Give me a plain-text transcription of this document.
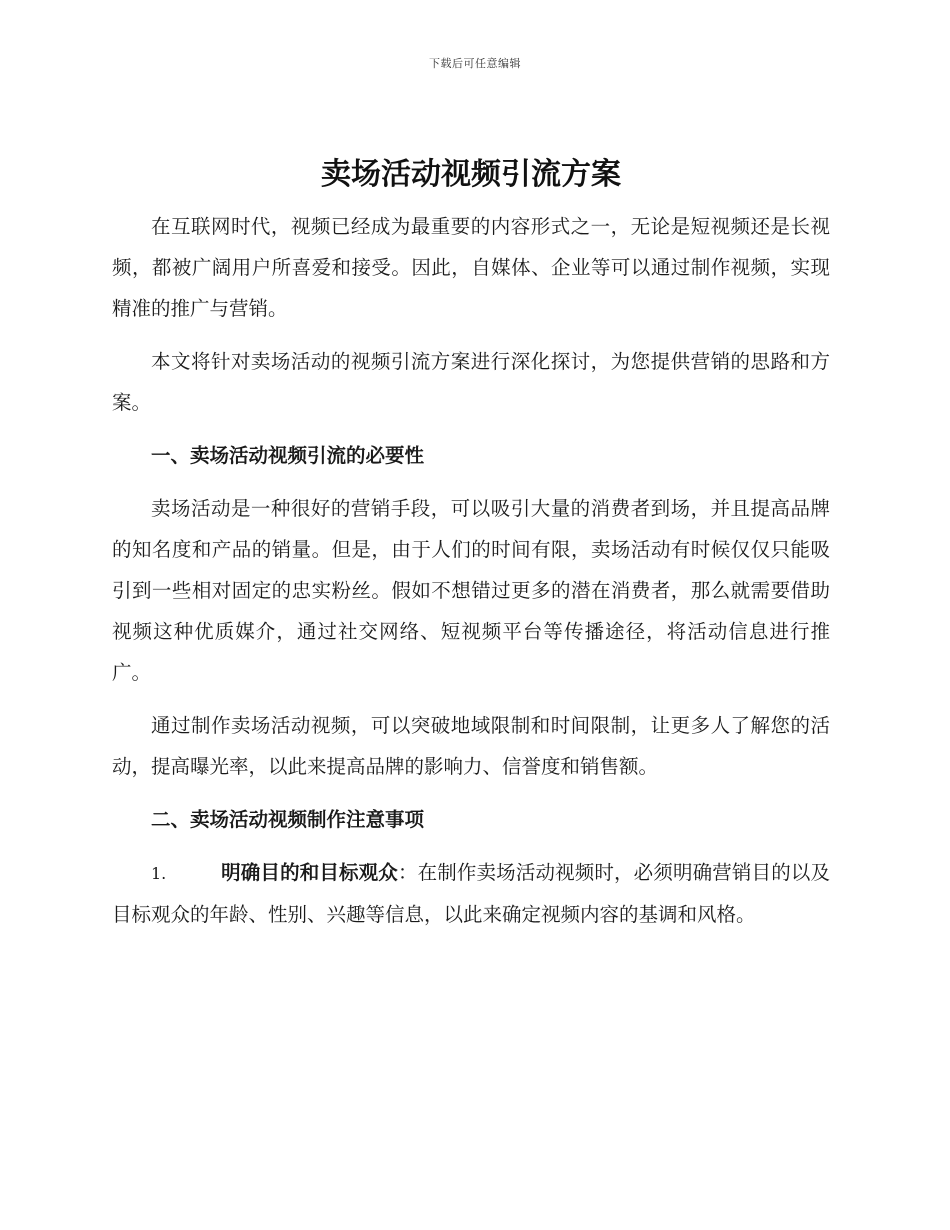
下载后可任意编辑
卖场活动视频引流方案

在互联网时代，视频已经成为最重要的内容形式之一，无论是短视频还是长视频，都被广阔用户所喜爱和接受。因此，自媒体、企业等可以通过制作视频，实现精准的推广与营销。

本文将针对卖场活动的视频引流方案进行深化探讨，为您提供营销的思路和方案。

一、卖场活动视频引流的必要性

卖场活动是一种很好的营销手段，可以吸引大量的消费者到场，并且提高品牌的知名度和产品的销量。但是，由于人们的时间有限，卖场活动有时候仅仅只能吸引到一些相对固定的忠实粉丝。假如不想错过更多的潜在消费者，那么就需要借助视频这种优质媒介，通过社交网络、短视频平台等传播途径，将活动信息进行推广。

通过制作卖场活动视频，可以突破地域限制和时间限制，让更多人了解您的活动，提高曝光率，以此来提高品牌的影响力、信誉度和销售额。

二、卖场活动视频制作注意事项

1.	明确目的和目标观众：在制作卖场活动视频时，必须明确营销目的以及目标观众的年龄、性别、兴趣等信息，以此来确定视频内容的基调和风格。
